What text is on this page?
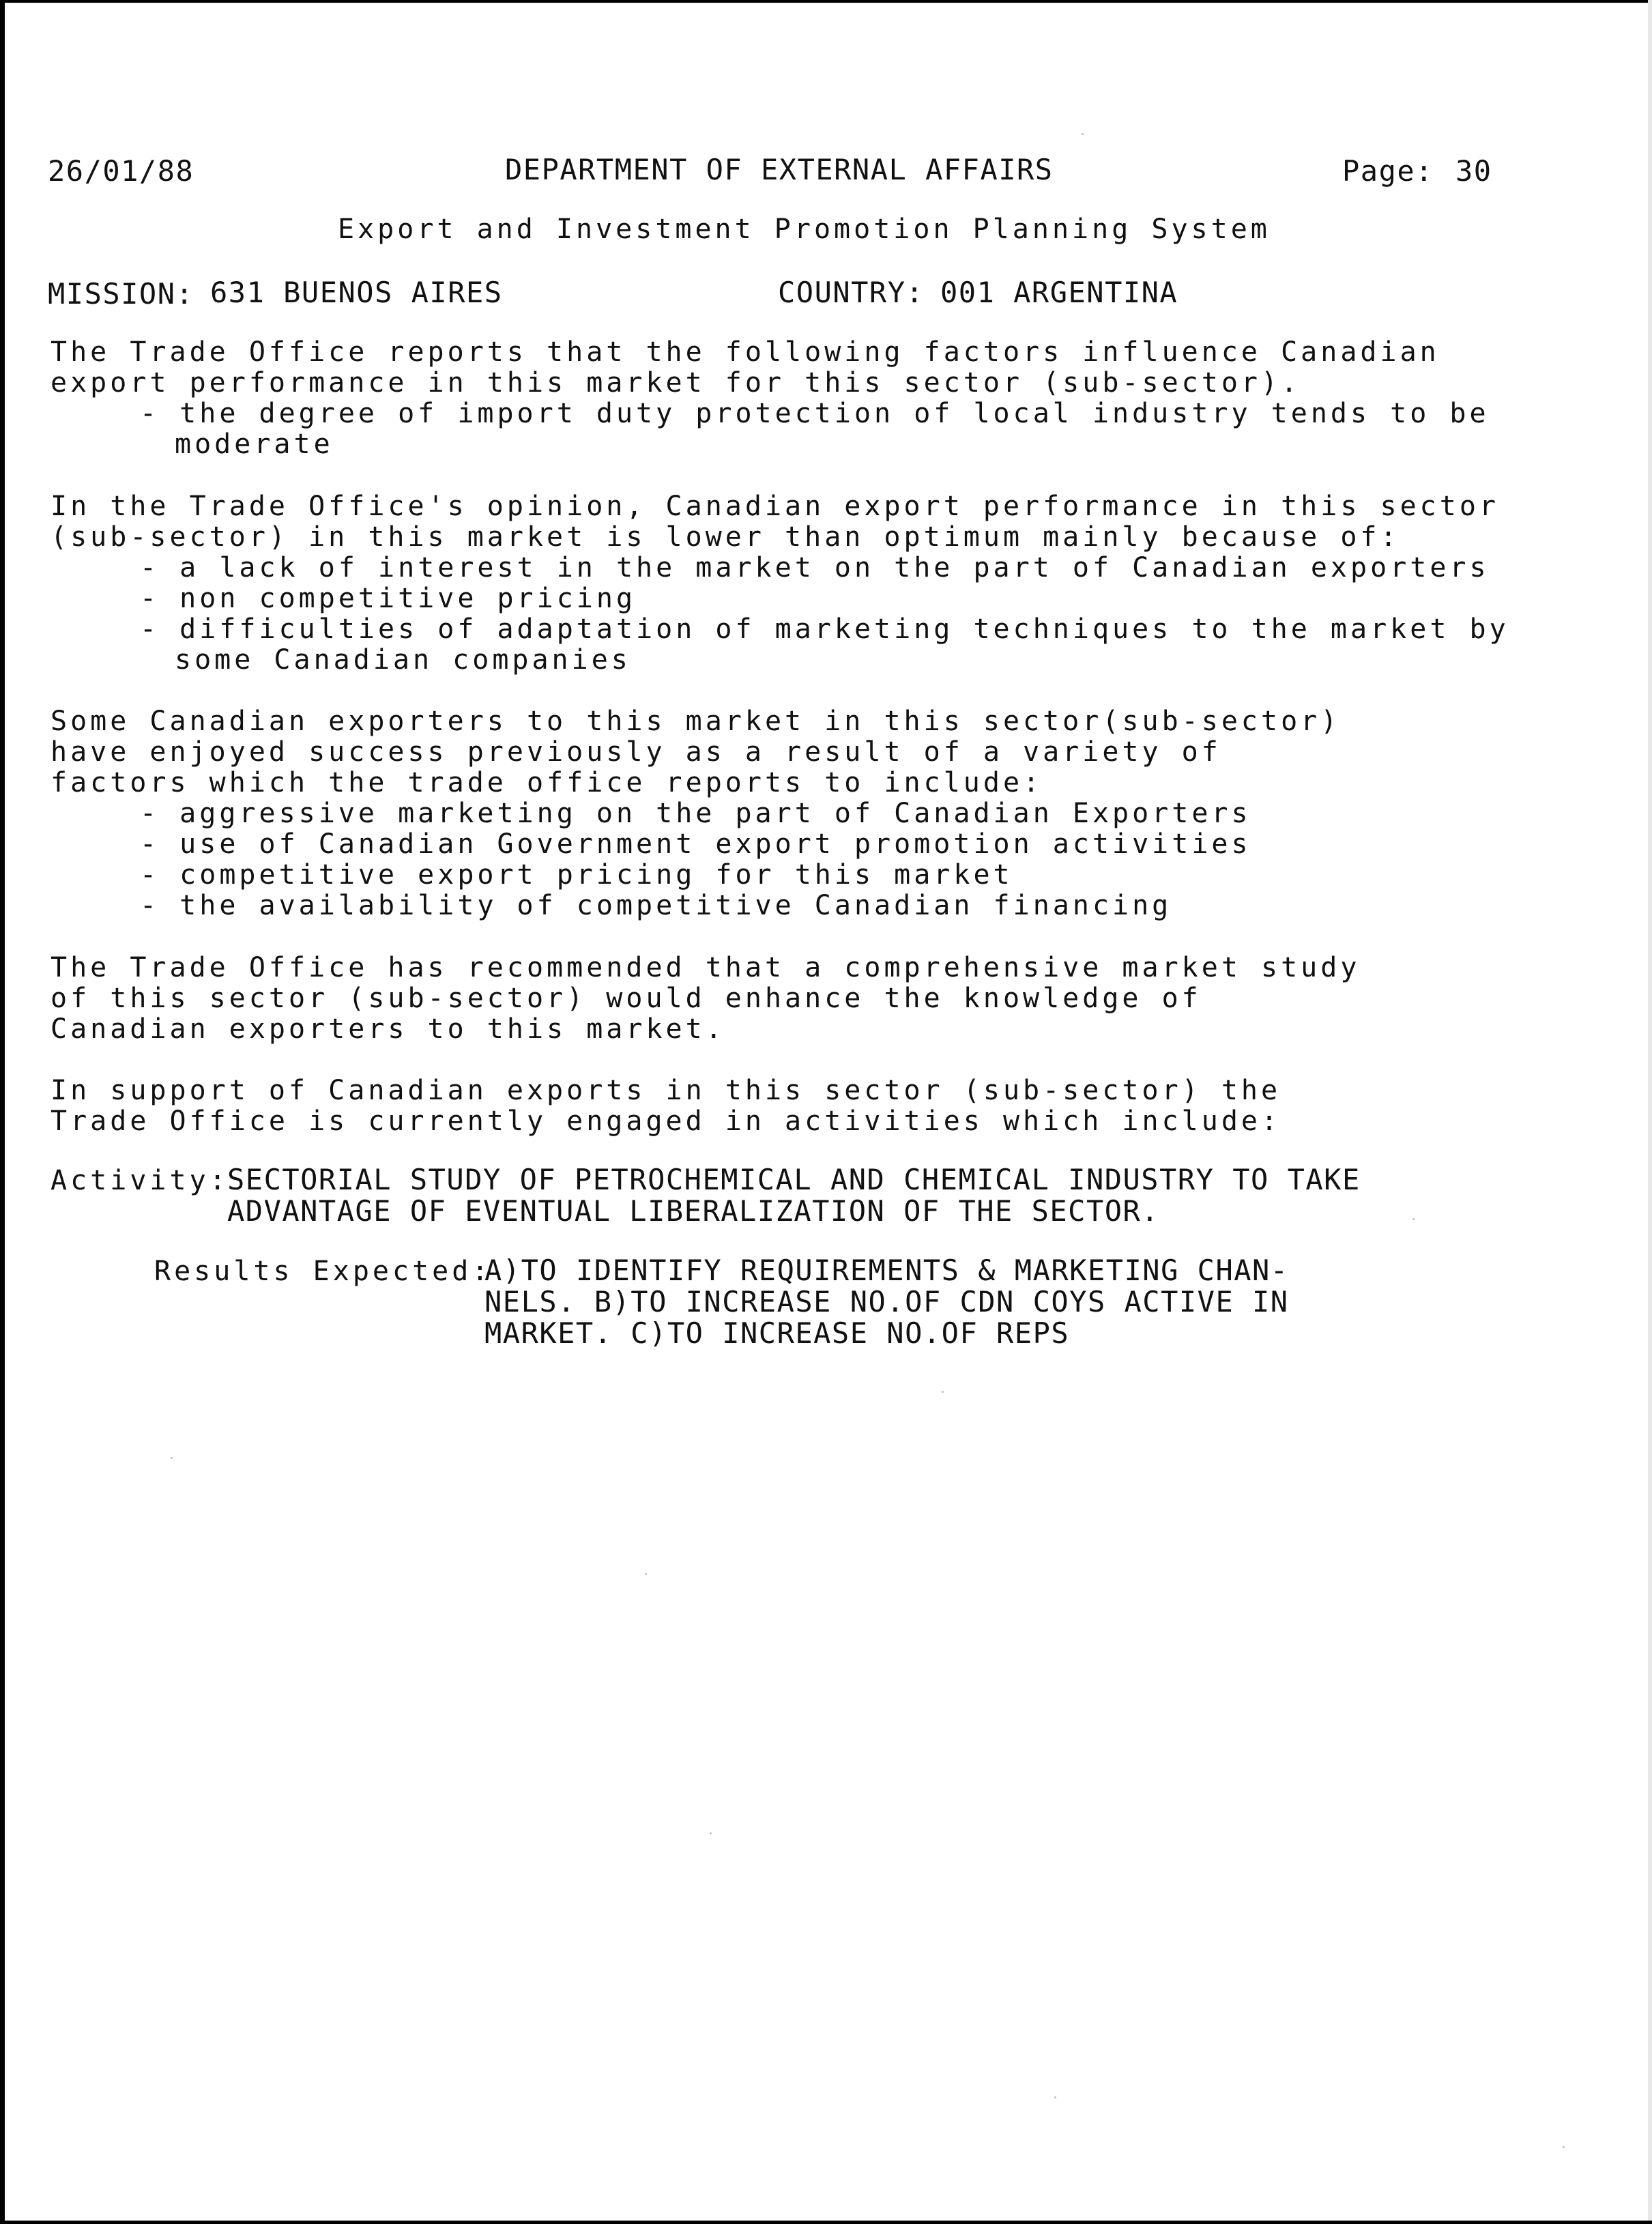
26/01/88	DEPARTMENT OF EXTERNAL AFFAIRS	Page: 30
Export and Investment Promotion Planning System
MISSION: 631 BUENOS AIRES	COUNTRY: 001 ARGENTINA
The Trade Office reports that the following factors influence Canadian
export performance in this market for this sector (sub-sector).
- the degree of import duty protection of local industry tends to be
moderate
In the Trade Office's opinion, Canadian export performance in this sector
(sub-sector) in this market is lower than optimum mainly because of:
- a lack of interest in the market on the part of Canadian exporters
- non competitive pricing
- difficulties of adaptation of marketing techniques to the market by
some Canadian companies
Some Canadian exporters to this market in this sector(sub-sector)
have enjoyed success previously as a result of a variety of
factors which the trade office reports to include:
- aggressive marketing on the part of Canadian Exporters
- use of Canadian Government export promotion activities
- competitive export pricing for this market
- the availability of competitive Canadian financing
The Trade Office has recommended that a comprehensive market study
of this sector (sub-sector) would enhance the knowledge of
Canadian exporters to this market.
In support of Canadian exports in this sector (sub-sector) the
Trade Office is currently engaged in activities which include:
Activity:
SECTORIAL STUDY OF PETROCHEMICAL AND CHEMICAL INDUSTRY TO TAKE
ADVANTAGE OF EVENTUAL LIBERALIZATION OF THE SECTOR.
Results Expected:
A)TO IDENTIFY REQUIREMENTS & MARKETING CHAN-
NELS. B)TO INCREASE NO.OF CDN COYS ACTIVE IN
MARKET. C)TO INCREASE NO.OF REPS
